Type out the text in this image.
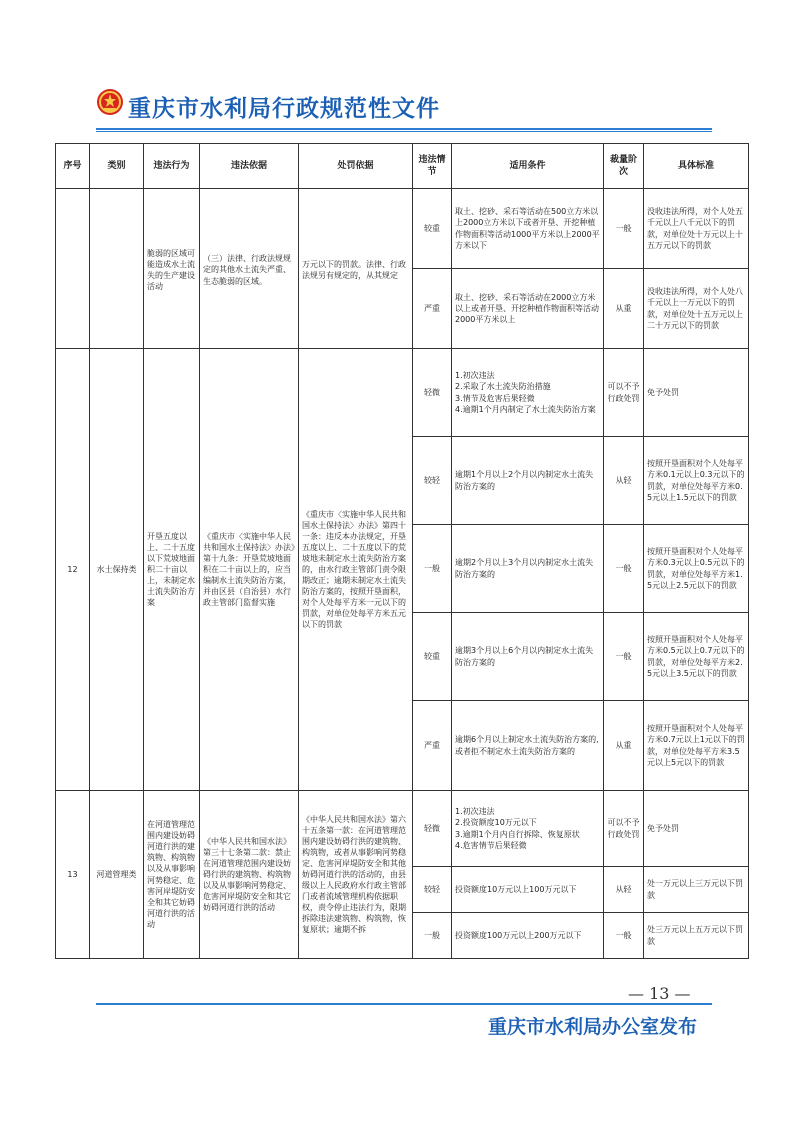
重庆市水利局行政规范性文件
序号	类别	违法行为	违法依据	处罚依据	违法情节	适用条件	裁量阶次	具体标准
		脆弱的区域可能造成水土流失的生产建设活动	（三）法律、行政法规规定的其他水土流失严重、生态脆弱的区域。	万元以下的罚款。法律、行政法规另有规定的，从其规定	较重	取土、挖砂、采石等活动在500立方米以上2000立方米以下或者开垦、开挖种植作物面积等活动1000平方米以上2000平方米以下	一般	没收违法所得，对个人处五千元以上八千元以下的罚款，对单位处十万元以上十五万元以下的罚款
					严重	取土、挖砂、采石等活动在2000立方米以上或者开垦、开挖种植作物面积等活动2000平方米以上	从重	没收违法所得，对个人处八千元以上一万元以下的罚款，对单位处十五万元以上二十万元以下的罚款
12	水土保持类	开垦五度以上、二十五度以下荒坡地面积二十亩以上，未制定水土流失防治方案	《重庆市〈实施中华人民共和国水土保持法〉办法》第十九条：开垦荒坡地面积在二十亩以上的，应当编制水土流失防治方案，并由区县（自治县）水行政主管部门监督实施	《重庆市〈实施中华人民共和国水土保持法〉办法》第四十一条：违反本办法规定，开垦五度以上、二十五度以下的荒坡地未制定水土流失防治方案的，由水行政主管部门责令限期改正；逾期未制定水土流失防治方案的，按照开垦面积，对个人处每平方米一元以下的罚款，对单位处每平方米五元以下的罚款	轻微	1.初次违法
2.采取了水土流失防治措施
3.情节及危害后果轻微
4.逾期1个月内制定了水土流失防治方案	可以不予行政处罚	免予处罚
					较轻	逾期1个月以上2个月以内制定水土流失防治方案的	从轻	按照开垦面积对个人处每平方米0.1元以上0.3元以下的罚款，对单位处每平方米0.5元以上1.5元以下的罚款
					一般	逾期2个月以上3个月以内制定水土流失防治方案的	一般	按照开垦面积对个人处每平方米0.3元以上0.5元以下的罚款，对单位处每平方米1.5元以上2.5元以下的罚款
					较重	逾期3个月以上6个月以内制定水土流失防治方案的	一般	按照开垦面积对个人处每平方米0.5元以上0.7元以下的罚款，对单位处每平方米2.5元以上3.5元以下的罚款
					严重	逾期6个月以上制定水土流失防治方案的,或者拒不制定水土流失防治方案的	从重	按照开垦面积对个人处每平方米0.7元以上1元以下的罚款，对单位处每平方米3.5元以上5元以下的罚款
13	河道管理类	在河道管理范围内建设妨碍河道行洪的建筑物、构筑物以及从事影响河势稳定、危害河岸堤防安全和其它妨碍河道行洪的活动	《中华人民共和国水法》第三十七条第二款：禁止在河道管理范围内建设妨碍行洪的建筑物、构筑物以及从事影响河势稳定、危害河岸堤防安全和其它妨碍河道行洪的活动	《中华人民共和国水法》第六十五条第一款：在河道管理范围内建设妨碍行洪的建筑物、构筑物，或者从事影响河势稳定、危害河岸堤防安全和其他妨碍河道行洪的活动的，由县级以上人民政府水行政主管部门或者流域管理机构依据职权，责令停止违法行为，限期拆除违法建筑物、构筑物，恢复原状；逾期不拆	轻微	1.初次违法
2.投资额度10万元以下
3.逾期1个月内自行拆除、恢复原状
4.危害情节后果轻微	可以不予行政处罚	免予处罚
					较轻	投资额度10万元以上100万元以下	从轻	处一万元以上三万元以下罚款
					一般	投资额度100万元以上200万元以下	一般	处三万元以上五万元以下罚款
— 13 —
重庆市水利局办公室发布
